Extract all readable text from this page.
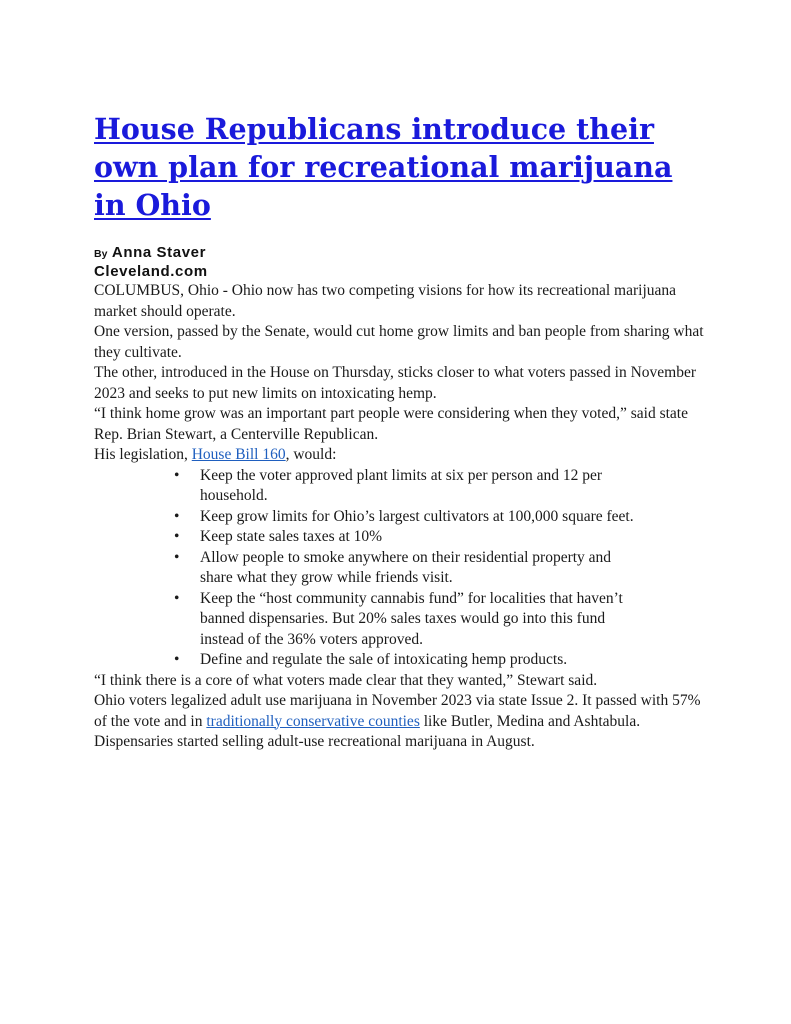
House Republicans introduce their own plan for recreational marijuana in Ohio
By Anna Staver
Cleveland.com

COLUMBUS, Ohio - Ohio now has two competing visions for how its recreational marijuana market should operate.

One version, passed by the Senate, would cut home grow limits and ban people from sharing what they cultivate.

The other, introduced in the House on Thursday, sticks closer to what voters passed in November 2023 and seeks to put new limits on intoxicating hemp.

“I think home grow was an important part people were considering when they voted,” said state Rep. Brian Stewart, a Centerville Republican.

His legislation, House Bill 160, would:

• Keep the voter approved plant limits at six per person and 12 per household.
• Keep grow limits for Ohio’s largest cultivators at 100,000 square feet.
• Keep state sales taxes at 10%
• Allow people to smoke anywhere on their residential property and share what they grow while friends visit.
• Keep the “host community cannabis fund” for localities that haven’t banned dispensaries. But 20% sales taxes would go into this fund instead of the 36% voters approved.
• Define and regulate the sale of intoxicating hemp products.

“I think there is a core of what voters made clear that they wanted,” Stewart said.

Ohio voters legalized adult use marijuana in November 2023 via state Issue 2. It passed with 57% of the vote and in traditionally conservative counties like Butler, Medina and Ashtabula. Dispensaries started selling adult-use recreational marijuana in August.
